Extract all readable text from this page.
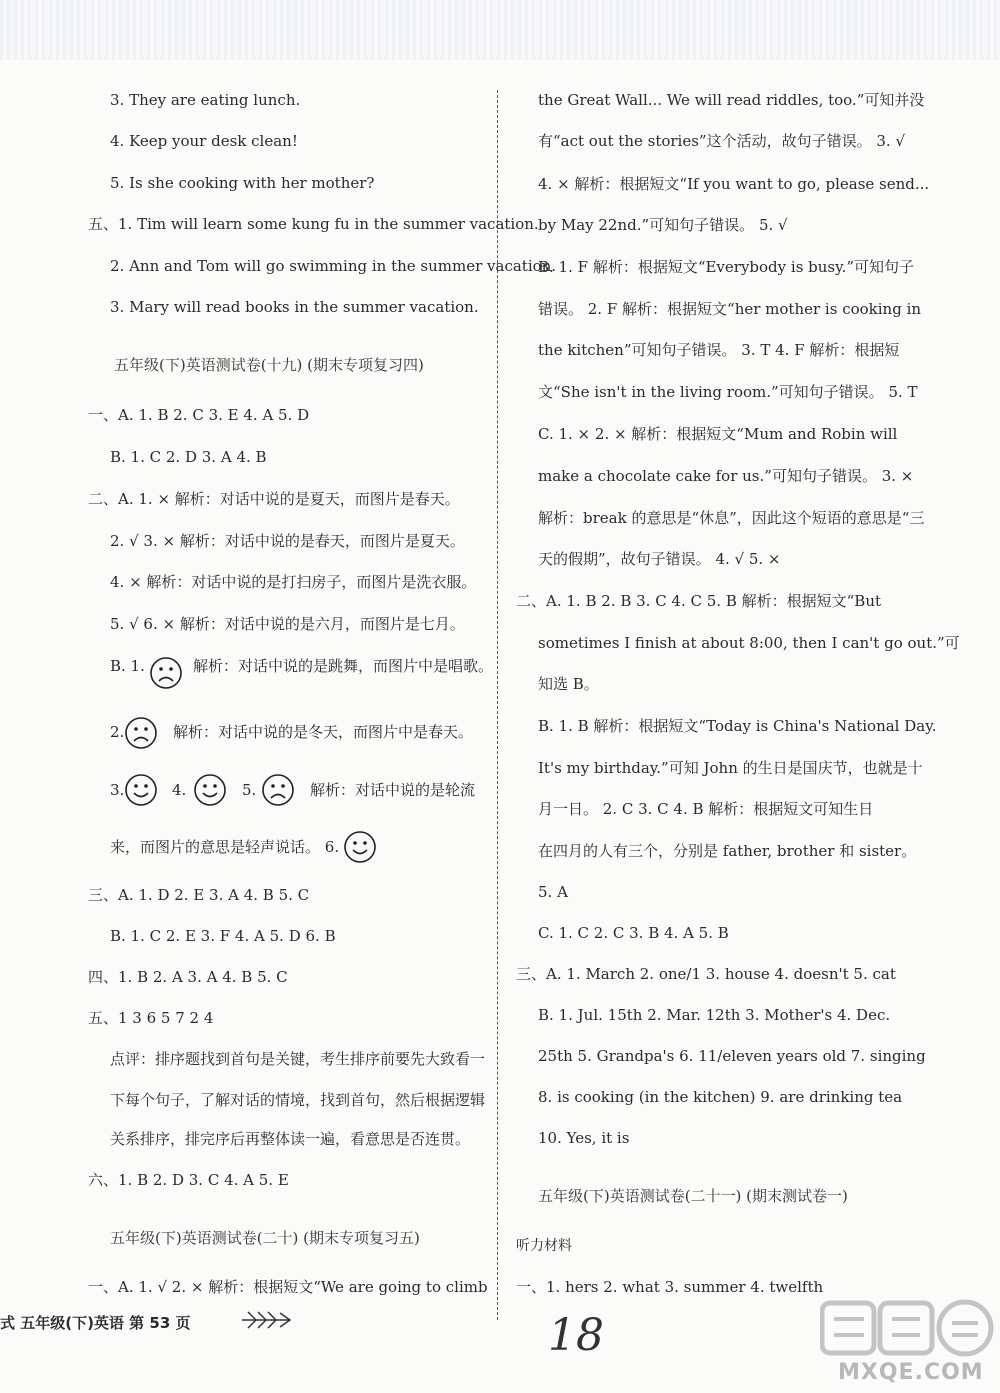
3. They are eating lunch.
4. Keep your desk clean!
5. Is she cooking with her mother?
五、1. Tim will learn some kung fu in the summer vacation.
2. Ann and Tom will go swimming in the summer vacation.
3. Mary will read books in the summer vacation.
五年级(下)英语测试卷(十九) (期末专项复习四)
一、A. 1. B 2. C 3. E 4. A 5. D
B. 1. C 2. D 3. A 4. B
二、A. 1. × 解析：对话中说的是夏天，而图片是春天。
2. √ 3. × 解析：对话中说的是春天，而图片是夏天。
4. × 解析：对话中说的是打扫房子，而图片是洗衣服。
5. √ 6. × 解析：对话中说的是六月，而图片是七月。
B. 1.	解析：对话中说的是跳舞，而图片中是唱歌。
2.	解析：对话中说的是冬天，而图片中是春天。
3.	4.	5.	解析：对话中说的是轮流
来，而图片的意思是轻声说话。 6.
三、A. 1. D 2. E 3. A 4. B 5. C
B. 1. C 2. E 3. F 4. A 5. D 6. B
四、1. B 2. A 3. A 4. B 5. C
五、1 3 6 5 7 2 4
点评：排序题找到首句是关键，考生排序前要先大致看一
下每个句子，了解对话的情境，找到首句，然后根据逻辑
关系排序，排完序后再整体读一遍，看意思是否连贯。
六、1. B 2. D 3. C 4. A 5. E
五年级(下)英语测试卷(二十) (期末专项复习五)
一、A. 1. √ 2. × 解析：根据短文“We are going to climb
the Great Wall... We will read riddles, too.”可知并没
有“act out the stories”这个活动，故句子错误。 3. √
4. × 解析：根据短文“If you want to go, please send...
by May 22nd.”可知句子错误。 5. √
B. 1. F 解析：根据短文“Everybody is busy.”可知句子
错误。 2. F 解析：根据短文“her mother is cooking in
the kitchen”可知句子错误。 3. T 4. F 解析：根据短
文“She isn't in the living room.”可知句子错误。 5. T
C. 1. × 2. × 解析：根据短文“Mum and Robin will
make a chocolate cake for us.”可知句子错误。 3. ×
解析：break 的意思是“休息”，因此这个短语的意思是“三
天的假期”，故句子错误。 4. √ 5. ×
二、A. 1. B 2. B 3. C 4. C 5. B 解析：根据短文“But
sometimes I finish at about 8:00, then I can't go out.”可
知选 B。
B. 1. B 解析：根据短文“Today is China's National Day.
It's my birthday.”可知 John 的生日是国庆节，也就是十
月一日。 2. C 3. C 4. B 解析：根据短文可知生日
在四月的人有三个，分别是 father, brother 和 sister。
5. A
C. 1. C 2. C 3. B 4. A 5. B
三、A. 1. March 2. one/1 3. house 4. doesn't 5. cat
B. 1. Jul. 15th 2. Mar. 12th 3. Mother's 4. Dec.
25th 5. Grandpa's 6. 11/eleven years old 7. singing
8. is cooking (in the kitchen) 9. are drinking tea
10. Yes, it is
五年级(下)英语测试卷(二十一) (期末测试卷一)
听力材料
一、1. hers 2. what 3. summer 4. twelfth
式 五年级(下)英语 第 53 页	18
MXQE.COM
